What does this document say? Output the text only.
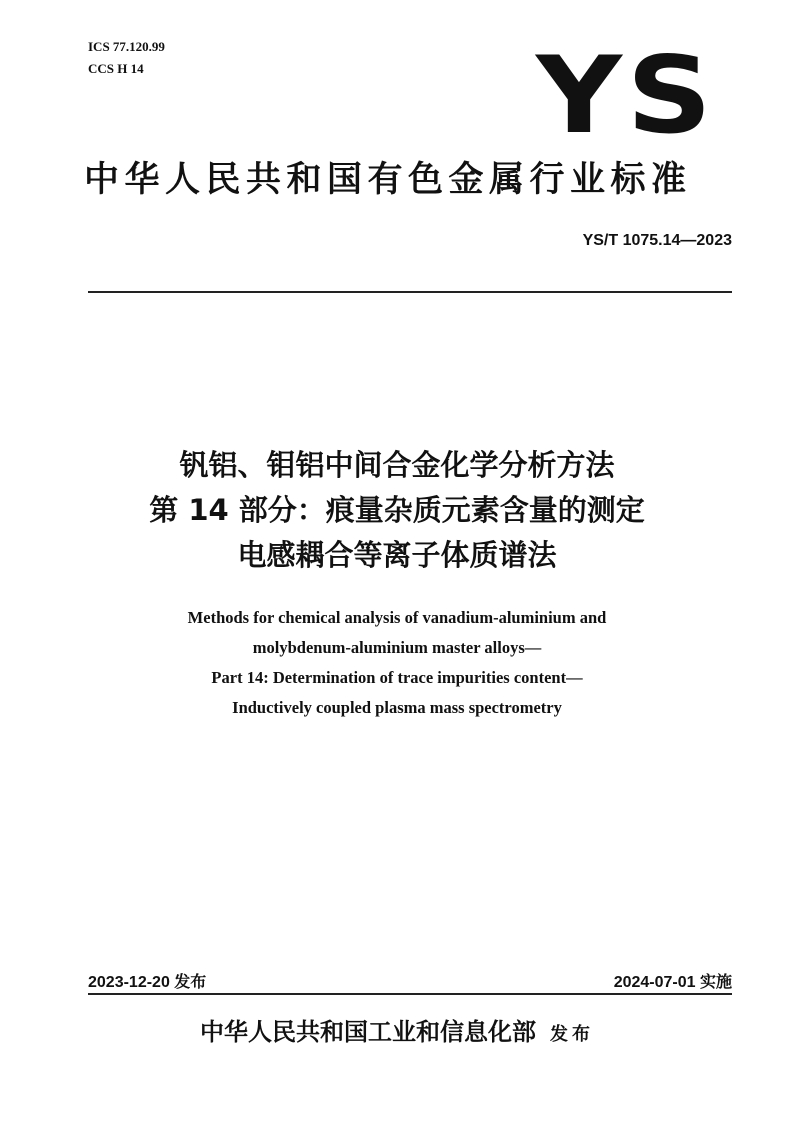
ICS 77.120.99
CCS H 14	YS
中华人民共和国有色金属行业标准
YS/T 1075.14—2023
钒铝、钼铝中间合金化学分析方法
第 14 部分：痕量杂质元素含量的测定
电感耦合等离子体质谱法
Methods for chemical analysis of vanadium-aluminium and
molybdenum-aluminium master alloys—
Part 14: Determination of trace impurities content—
Inductively coupled plasma mass spectrometry
2023-12-20 发布	2024-07-01 实施
中华人民共和国工业和信息化部 发布
